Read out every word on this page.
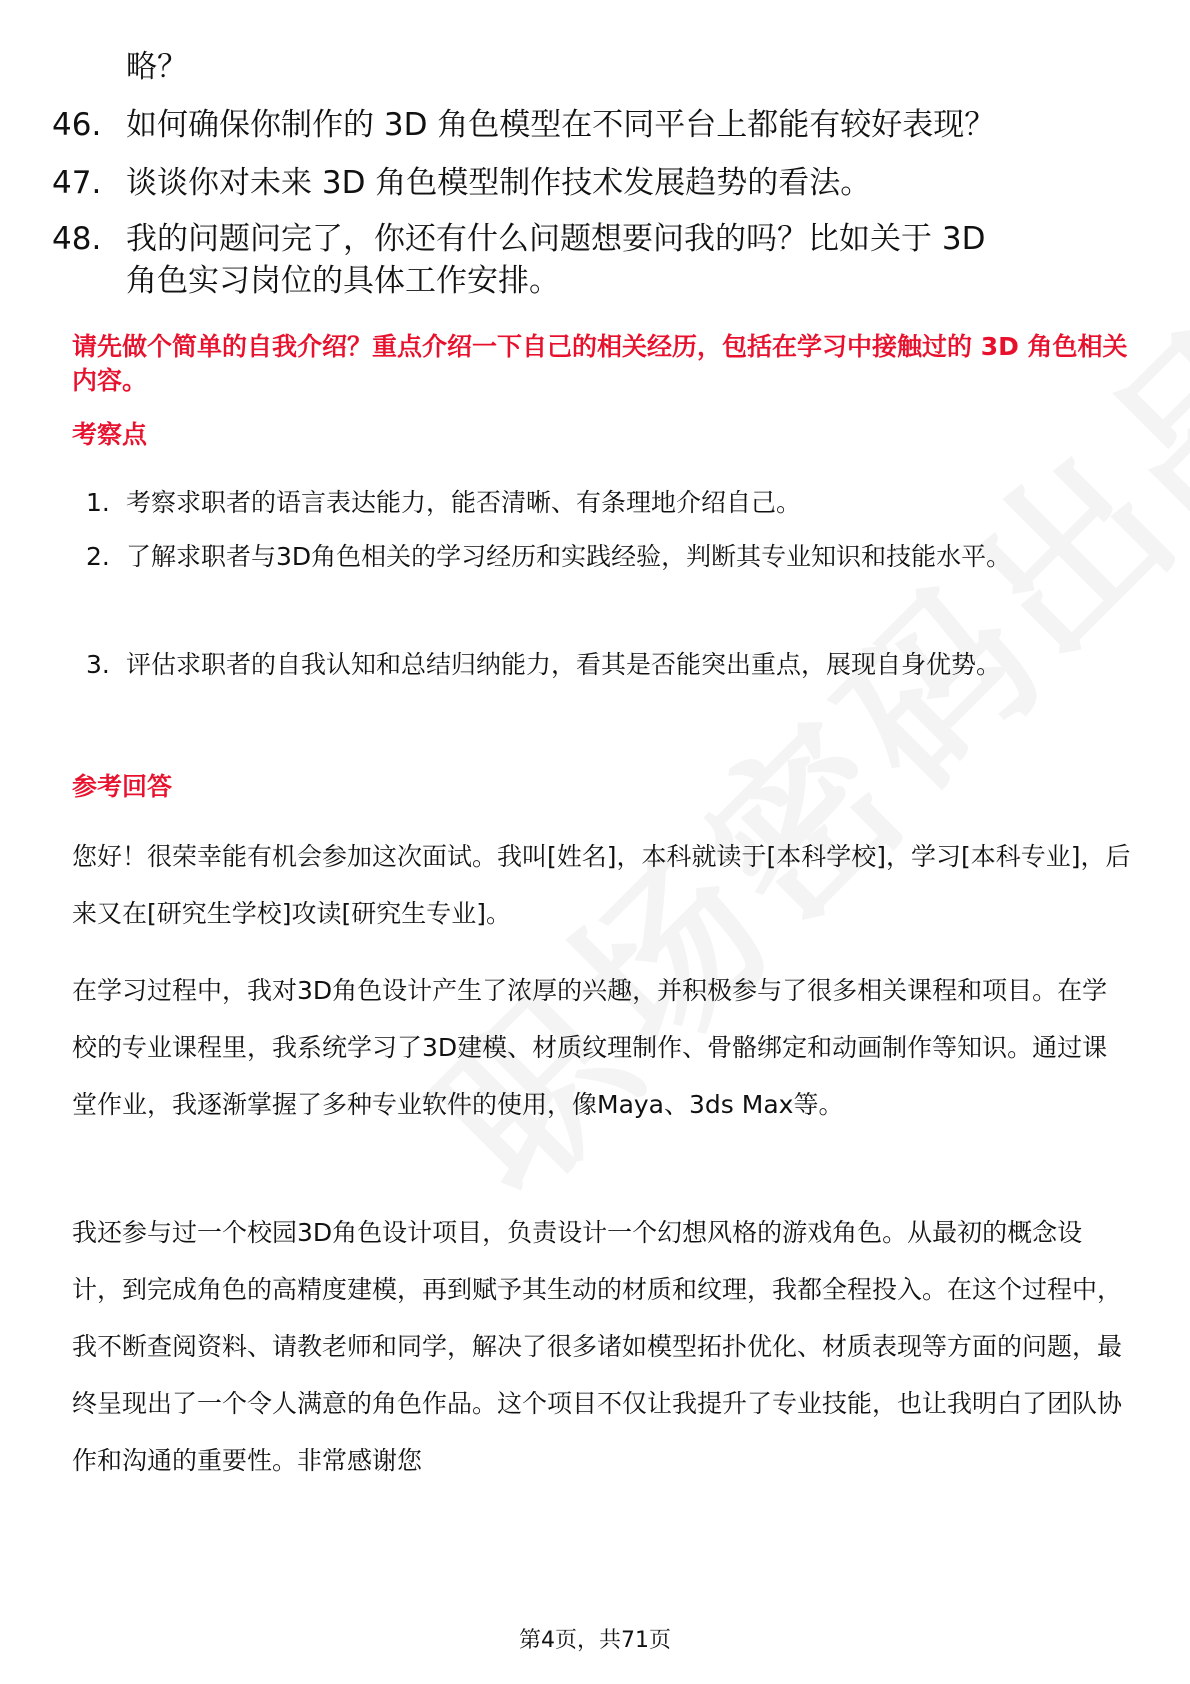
略？
46. 如何确保你制作的 3D 角色模型在不同平台上都能有较好表现？
47. 谈谈你对未来 3D 角色模型制作技术发展趋势的看法。
48. 我的问题问完了，你还有什么问题想要问我的吗？比如关于 3D 角色实习岗位的具体工作安排。
请先做个简单的自我介绍？重点介绍一下自己的相关经历，包括在学习中接触过的 3D 角色相关内容。
考察点
1. 考察求职者的语言表达能力，能否清晰、有条理地介绍自己。
2. 了解求职者与3D角色相关的学习经历和实践经验，判断其专业知识和技能水平。
3. 评估求职者的自我认知和总结归纳能力，看其是否能突出重点，展现自身优势。
参考回答
您好！很荣幸能有机会参加这次面试。我叫[姓名]，本科就读于[本科学校]，学习[本科专业]，后来又在[研究生学校]攻读[研究生专业]。
在学习过程中，我对3D角色设计产生了浓厚的兴趣，并积极参与了很多相关课程和项目。在学校的专业课程里，我系统学习了3D建模、材质纹理制作、骨骼绑定和动画制作等知识。通过课堂作业，我逐渐掌握了多种专业软件的使用，像Maya、3ds Max等。
我还参与过一个校园3D角色设计项目，负责设计一个幻想风格的游戏角色。从最初的概念设计，到完成角色的高精度建模，再到赋予其生动的材质和纹理，我都全程投入。在这个过程中，我不断查阅资料、请教老师和同学，解决了很多诸如模型拓扑优化、材质表现等方面的问题，最终呈现出了一个令人满意的角色作品。这个项目不仅让我提升了专业技能，也让我明白了团队协作和沟通的重要性。非常感谢您
第4页，共71页
